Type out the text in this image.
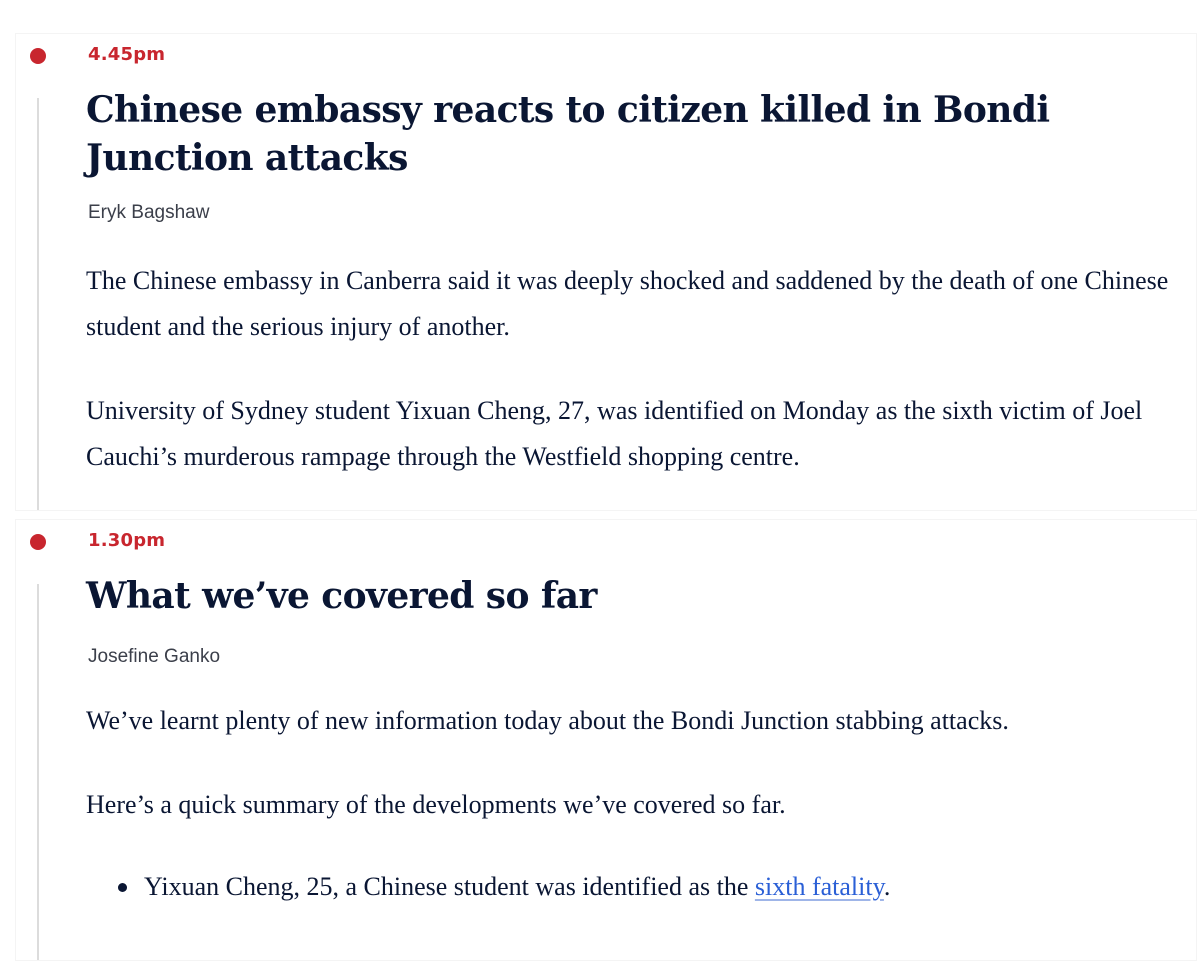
4.45pm
Chinese embassy reacts to citizen killed in Bondi Junction attacks
Eryk Bagshaw

The Chinese embassy in Canberra said it was deeply shocked and saddened by the death of one Chinese student and the serious injury of another.

University of Sydney student Yixuan Cheng, 27, was identified on Monday as the sixth victim of Joel Cauchi’s murderous rampage through the Westfield shopping centre.

1.30pm
What we’ve covered so far
Josefine Ganko

We’ve learnt plenty of new information today about the Bondi Junction stabbing attacks.

Here’s a quick summary of the developments we’ve covered so far.

Yixuan Cheng, 25, a Chinese student was identified as the sixth fatality.
